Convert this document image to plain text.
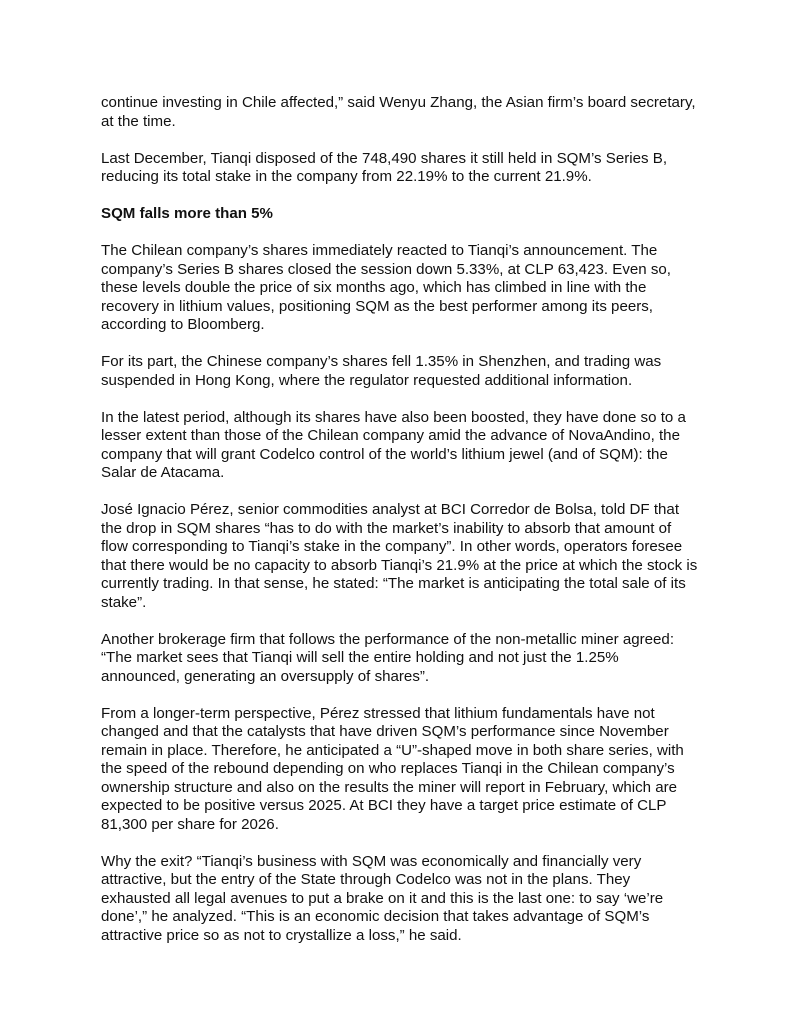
continue investing in Chile affected,” said Wenyu Zhang, the Asian firm’s board secretary, at the time.

Last December, Tianqi disposed of the 748,490 shares it still held in SQM’s Series B, reducing its total stake in the company from 22.19% to the current 21.9%.

SQM falls more than 5%

The Chilean company’s shares immediately reacted to Tianqi’s announcement. The company’s Series B shares closed the session down 5.33%, at CLP 63,423. Even so, these levels double the price of six months ago, which has climbed in line with the recovery in lithium values, positioning SQM as the best performer among its peers, according to Bloomberg.

For its part, the Chinese company’s shares fell 1.35% in Shenzhen, and trading was suspended in Hong Kong, where the regulator requested additional information.

In the latest period, although its shares have also been boosted, they have done so to a lesser extent than those of the Chilean company amid the advance of NovaAndino, the company that will grant Codelco control of the world’s lithium jewel (and of SQM): the Salar de Atacama.

José Ignacio Pérez, senior commodities analyst at BCI Corredor de Bolsa, told DF that the drop in SQM shares “has to do with the market’s inability to absorb that amount of flow corresponding to Tianqi’s stake in the company”. In other words, operators foresee that there would be no capacity to absorb Tianqi’s 21.9% at the price at which the stock is currently trading. In that sense, he stated: “The market is anticipating the total sale of its stake”.

Another brokerage firm that follows the performance of the non-metallic miner agreed: “The market sees that Tianqi will sell the entire holding and not just the 1.25% announced, generating an oversupply of shares”.

From a longer-term perspective, Pérez stressed that lithium fundamentals have not changed and that the catalysts that have driven SQM’s performance since November remain in place. Therefore, he anticipated a “U”-shaped move in both share series, with the speed of the rebound depending on who replaces Tianqi in the Chilean company’s ownership structure and also on the results the miner will report in February, which are expected to be positive versus 2025. At BCI they have a target price estimate of CLP 81,300 per share for 2026.

Why the exit? “Tianqi’s business with SQM was economically and financially very attractive, but the entry of the State through Codelco was not in the plans. They exhausted all legal avenues to put a brake on it and this is the last one: to say ‘we’re done’,” he analyzed. “This is an economic decision that takes advantage of SQM’s attractive price so as not to crystallize a loss,” he said.
